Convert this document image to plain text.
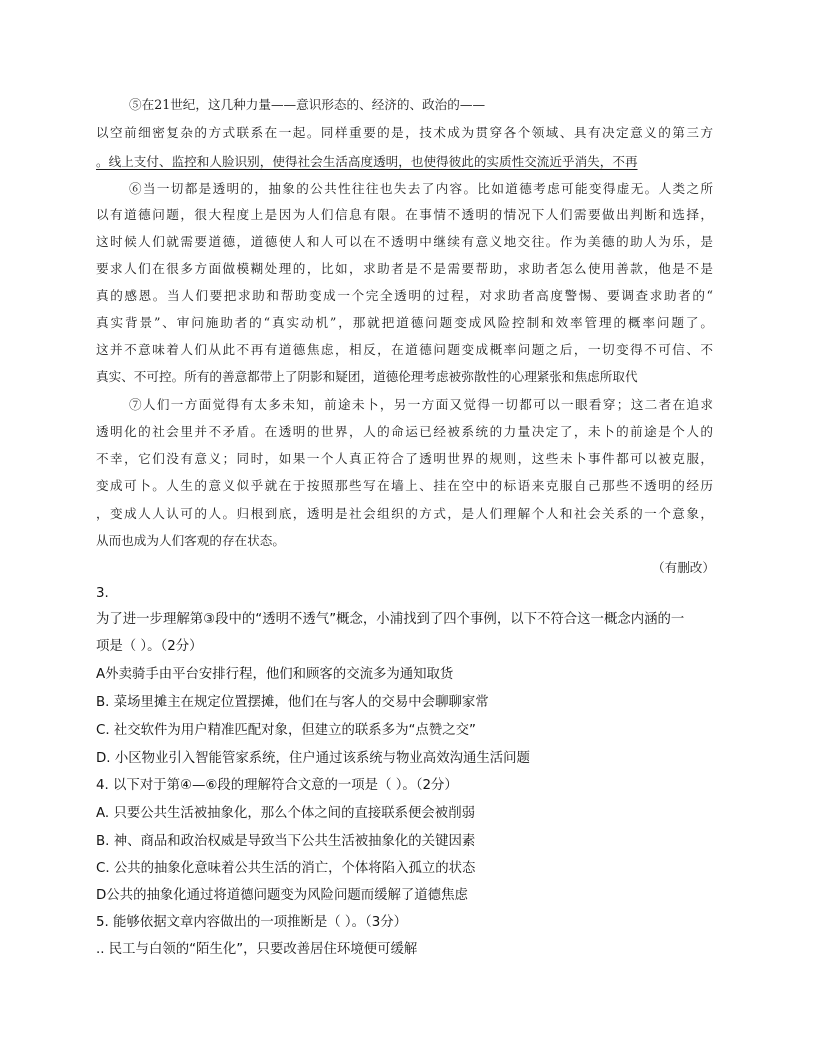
⑤在21世纪，这几种力量——意识形态的、经济的、政治的——
以空前细密复杂的方式联系在一起。同样重要的是，技术成为贯穿各个领域、具有决定意义的第三方
。线上支付、监控和人脸识别，使得社会生活高度透明，也使得彼此的实质性交流近乎消失，不再
⑥当一切都是透明的，抽象的公共性往往也失去了内容。比如道德考虑可能变得虚无。人类之所
以有道德问题，很大程度上是因为人们信息有限。在事情不透明的情况下人们需要做出判断和选择，
这时候人们就需要道德，道德使人和人可以在不透明中继续有意义地交往。作为美德的助人为乐，是
要求人们在很多方面做模糊处理的，比如，求助者是不是需要帮助，求助者怎么使用善款，他是不是
真的感恩。当人们要把求助和帮助变成一个完全透明的过程，对求助者高度警惕、要调查求助者的“
真实背景”、审问施助者的“真实动机”，那就把道德问题变成风险控制和效率管理的概率问题了。
这并不意味着人们从此不再有道德焦虑，相反，在道德问题变成概率问题之后，一切变得不可信、不
真实、不可控。所有的善意都带上了阴影和疑团，道德伦理考虑被弥散性的心理紧张和焦虑所取代
⑦人们一方面觉得有太多未知，前途未卜，另一方面又觉得一切都可以一眼看穿；这二者在追求
透明化的社会里并不矛盾。在透明的世界，人的命运已经被系统的力量决定了，未卜的前途是个人的
不幸，它们没有意义；同时，如果一个人真正符合了透明世界的规则，这些未卜事件都可以被克服，
变成可卜。人生的意义似乎就在于按照那些写在墙上、挂在空中的标语来克服自己那些不透明的经历
，变成人人认可的人。归根到底，透明是社会组织的方式，是人们理解个人和社会关系的一个意象，
从而也成为人们客观的存在状态。
（有删改）
3.
为了进一步理解第③段中的“透明不透气”概念，小浦找到了四个事例，以下不符合这一概念内涵的一
项是（ ）。（2分）
A外卖骑手由平台安排行程，他们和顾客的交流多为通知取货
B. 菜场里摊主在规定位置摆摊，他们在与客人的交易中会聊聊家常
C. 社交软件为用户精准匹配对象，但建立的联系多为“点赞之交”
D. 小区物业引入智能管家系统，住户通过该系统与物业高效沟通生活问题
4. 以下对于第④—⑥段的理解符合文意的一项是（ ）。（2分）
A. 只要公共生活被抽象化，那么个体之间的直接联系便会被削弱
B. 神、商品和政治权威是导致当下公共生活被抽象化的关键因素
C. 公共的抽象化意味着公共生活的消亡，个体将陷入孤立的状态
D公共的抽象化通过将道德问题变为风险问题而缓解了道德焦虑
5. 能够依据文章内容做出的一项推断是（ ）。（3分）
.. 民工与白领的“陌生化”，只要改善居住环境便可缓解
